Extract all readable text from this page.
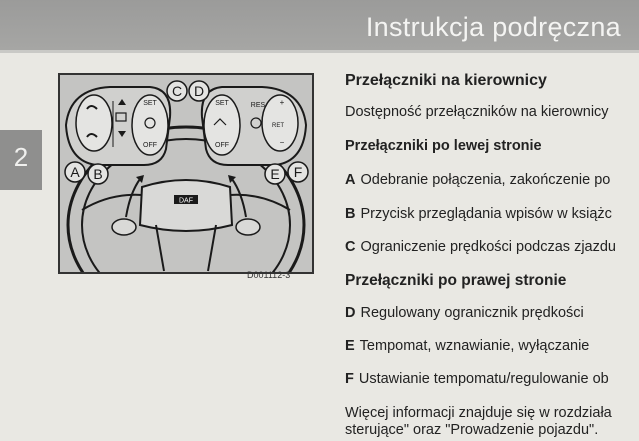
Instrukcja podręczna
2
DAF
SET
OFF
SET
OFF
RES +
RET
−
C D
A B	E F
D001112-3
Przełączniki na kierownicy
Dostępność przełączników na kierownicy
Przełączniki po lewej stronie
A Odebranie połączenia, zakończenie po
B Przycisk przeglądania wpisów w książc
C Ograniczenie prędkości podczas zjazdu
Przełączniki po prawej stronie
D Regulowany ogranicznik prędkości
E Tempomat, wznawianie, wyłączanie
F Ustawianie tempomatu/regulowanie ob
Więcej informacji znajduje się w rozdziała
sterujące" oraz "Prowadzenie pojazdu".
